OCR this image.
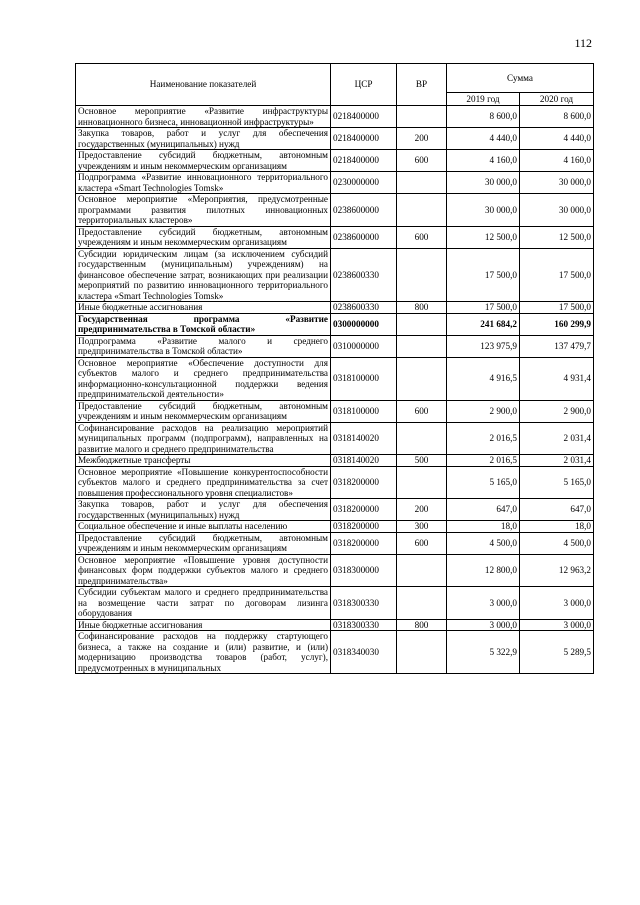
112
Наименование показателей	ЦСР	ВР	Сумма	
			2019 год	2020 год
Основное мероприятие «Развитие инфраструктуры инновационного бизнеса, инновационной инфраструктуры»	0218400000		8 600,0	8 600,0
Закупка товаров, работ и услуг для обеспечения государственных (муниципальных) нужд	0218400000	200	4 440,0	4 440,0
Предоставление субсидий бюджетным, автономным учреждениям и иным некоммерческим организациям	0218400000	600	4 160,0	4 160,0
Подпрограмма «Развитие инновационного территориального кластера «Smart Technologies Tomsk»	0230000000		30 000,0	30 000,0
Основное мероприятие «Мероприятия, предусмотренные программами развития пилотных инновационных территориальных кластеров»	0238600000		30 000,0	30 000,0
Предоставление субсидий бюджетным, автономным учреждениям и иным некоммерческим организациям	0238600000	600	12 500,0	12 500,0
Субсидии юридическим лицам (за исключением субсидий государственным (муниципальным) учреждениям) на финансовое обеспечение затрат, возникающих при реализации мероприятий по развитию инновационного территориального кластера «Smart Technologies Tomsk»	0238600330		17 500,0	17 500,0
Иные бюджетные ассигнования	0238600330	800	17 500,0	17 500,0
Государственная программа «Развитие предпринимательства в Томской области»	0300000000		241 684,2	160 299,9
Подпрограмма «Развитие малого и среднего предпринимательства в Томской области»	0310000000		123 975,9	137 479,7
Основное мероприятие «Обеспечение доступности для субъектов малого и среднего предпринимательства информационно-консультационной поддержки ведения предпринимательской деятельности»	0318100000		4 916,5	4 931,4
Предоставление субсидий бюджетным, автономным учреждениям и иным некоммерческим организациям	0318100000	600	2 900,0	2 900,0
Софинансирование расходов на реализацию мероприятий муниципальных программ (подпрограмм), направленных на развитие малого и среднего предпринимательства	0318140020		2 016,5	2 031,4
Межбюджетные трансферты	0318140020	500	2 016,5	2 031,4
Основное мероприятие «Повышение конкурентоспособности субъектов малого и среднего предпринимательства за счет повышения профессионального уровня специалистов»	0318200000		5 165,0	5 165,0
Закупка товаров, работ и услуг для обеспечения государственных (муниципальных) нужд	0318200000	200	647,0	647,0
Социальное обеспечение и иные выплаты населению	0318200000	300	18,0	18,0
Предоставление субсидий бюджетным, автономным учреждениям и иным некоммерческим организациям	0318200000	600	4 500,0	4 500,0
Основное мероприятие «Повышение уровня доступности финансовых форм поддержки субъектов малого и среднего предпринимательства»	0318300000		12 800,0	12 963,2
Субсидии субъектам малого и среднего предпринимательства на возмещение части затрат по договорам лизинга оборудования	0318300330		3 000,0	3 000,0
Иные бюджетные ассигнования	0318300330	800	3 000,0	3 000,0
Софинансирование расходов на поддержку стартующего бизнеса, а также на создание и (или) развитие, и (или) модернизацию производства товаров (работ, услуг), предусмотренных в муниципальных	0318340030		5 322,9	5 289,5
